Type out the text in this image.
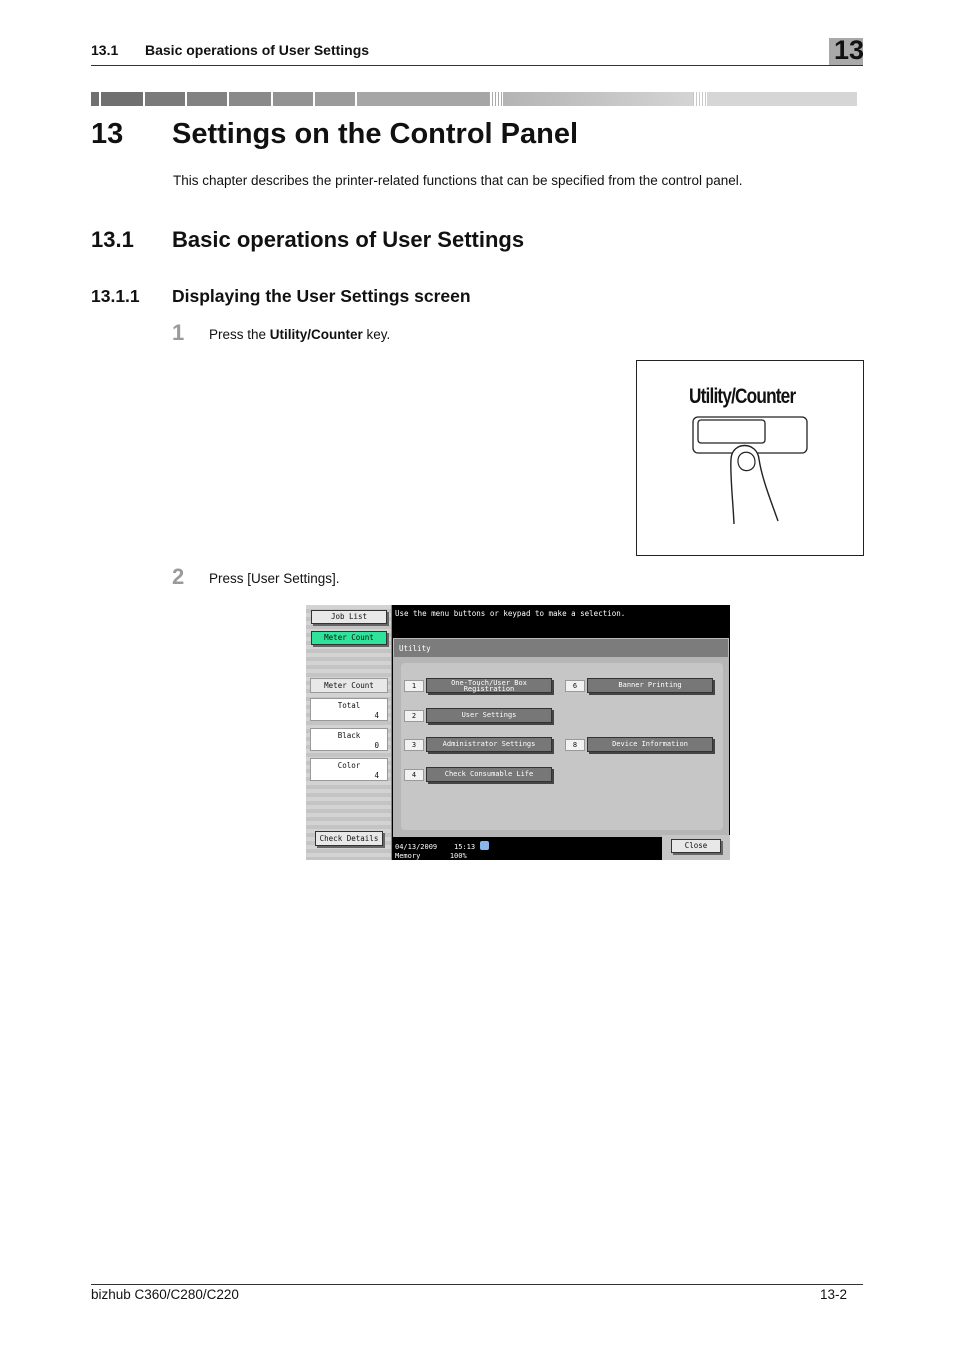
13.1 Basic operations of User Settings	13
13 Settings on the Control Panel
This chapter describes the printer-related functions that can be specified from the control panel.
13.1 Basic operations of User Settings
13.1.1 Displaying the User Settings screen
1 Press the Utility/Counter key.
Utility/Counter
2 Press [User Settings].
Job List
Meter Count
Meter Count
Total
4
Black
0
Color
4
Check Details
Use the menu buttons or keypad to make a selection.
Utility
1	One-Touch/User Box
Registration
2	User Settings
3	Administrator Settings
4	Check Consumable Life
6	Banner Printing
8	Device Information
04/13/2009 15:13
Memory	100%
Close
bizhub C360/C280/C220	13-2
